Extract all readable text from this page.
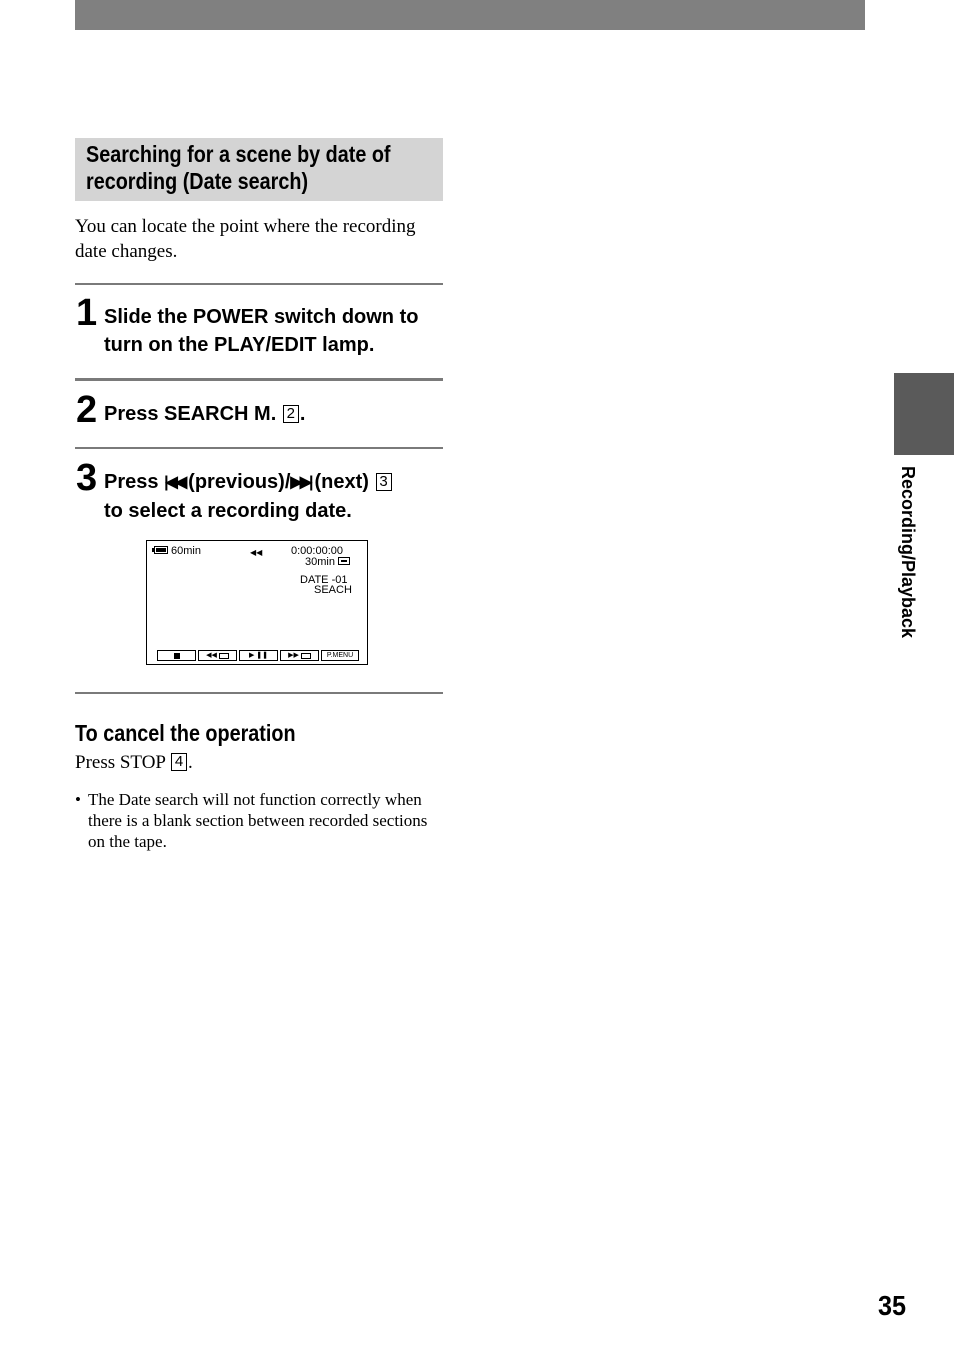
Searching for a scene by date of
recording (Date search)
You can locate the point where the recording date changes.
1 Slide the POWER switch down to turn on the PLAY/EDIT lamp.
2 Press SEARCH M. 2 .
3 Press |◀◀ (previous)/▶▶| (next) 3
to select a recording date.
60min	◀◀	0:00:00:00
30min
DATE -01
SEACH
◀◀	▶ ❚❚	▶▶	P.MENU
To cancel the operation
Press STOP 4 .
• The Date search will not function correctly when there is a blank section between recorded sections on the tape.
Recording/Playback
35
